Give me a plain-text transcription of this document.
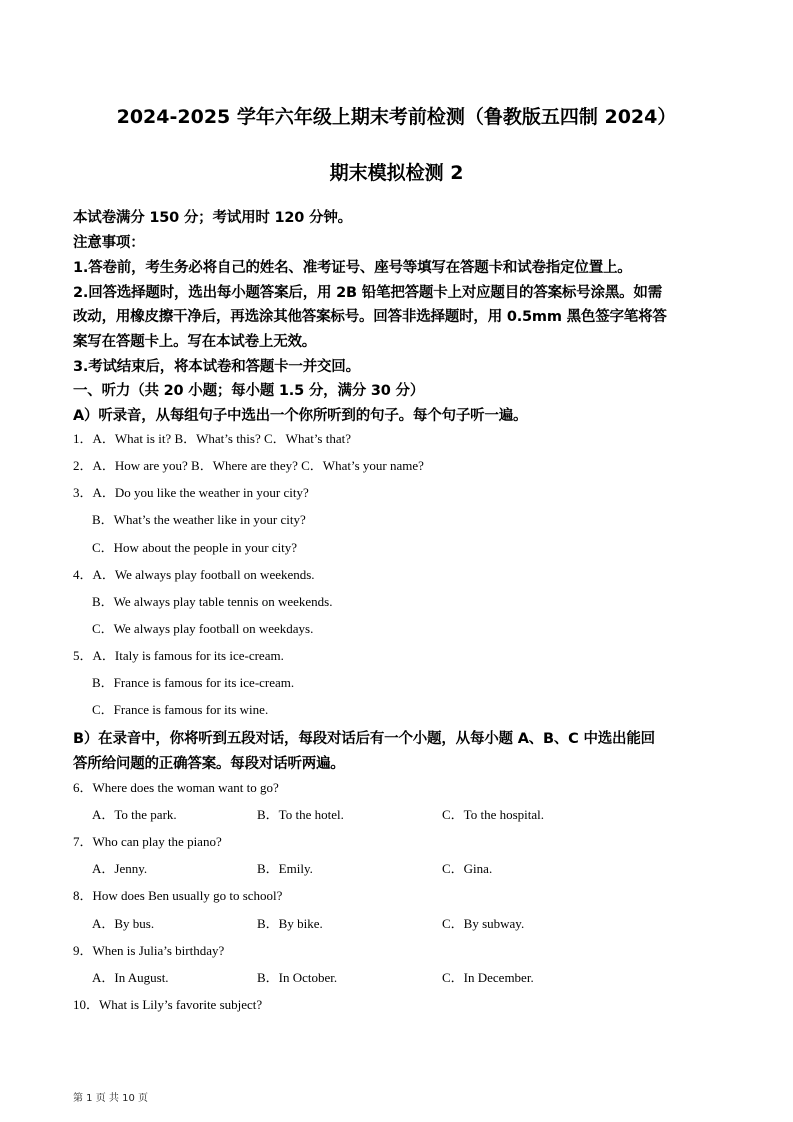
2024-2025 学年六年级上期末考前检测（鲁教版五四制 2024）
期末模拟检测 2
本试卷满分 150 分；考试用时 120 分钟。
注意事项：
1.答卷前，考生务必将自己的姓名、准考证号、座号等填写在答题卡和试卷指定位置上。
2.回答选择题时，选出每小题答案后，用 2B 铅笔把答题卡上对应题目的答案标号涂黑。如需
改动，用橡皮擦干净后，再选涂其他答案标号。回答非选择题时，用 0.5mm 黑色签字笔将答
案写在答题卡上。写在本试卷上无效。
3.考试结束后，将本试卷和答题卡一并交回。
一、听力（共 20 小题；每小题 1.5 分，满分 30 分）
A）听录音，从每组句子中选出一个你所听到的句子。每个句子听一遍。
1．A．What is it? B．What’s this? C．What’s that?
2．A．How are you? B．Where are they? C．What’s your name?
3．A．Do you like the weather in your city?
B．What’s the weather like in your city?
C．How about the people in your city?
4．A．We always play football on weekends.
B．We always play table tennis on weekends.
C．We always play football on weekdays.
5．A．Italy is famous for its ice-cream.
B．France is famous for its ice-cream.
C．France is famous for its wine.
B）在录音中，你将听到五段对话，每段对话后有一个小题，从每小题 A、B、C 中选出能回
答所给问题的正确答案。每段对话听两遍。
6．Where does the woman want to go?
A．To the park.	B．To the hotel.	C．To the hospital.
7．Who can play the piano?
A．Jenny.	B．Emily.	C．Gina.
8．How does Ben usually go to school?
A．By bus.	B．By bike.	C．By subway.
9．When is Julia’s birthday?
A．In August.	B．In October.	C．In December.
10．What is Lily’s favorite subject?
第 1 页 共 10 页
